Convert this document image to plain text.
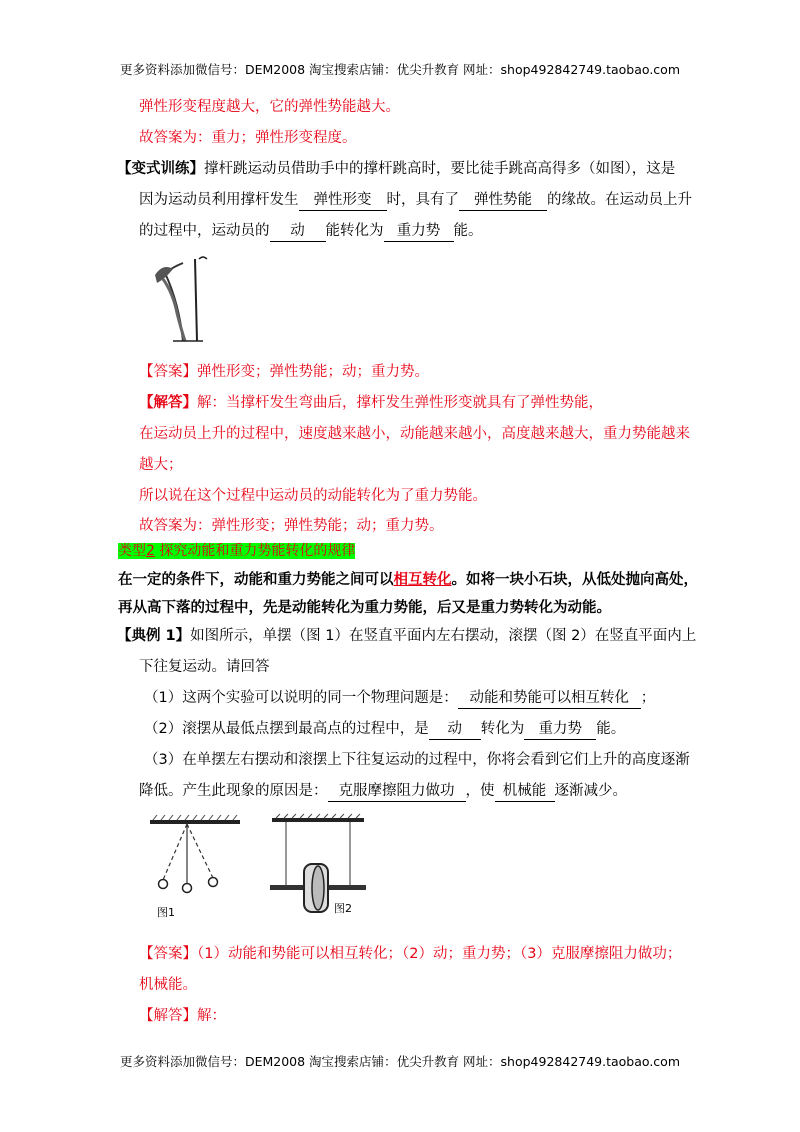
更多资料添加微信号：DEM2008 淘宝搜索店铺：优尖升教育 网址：shop492842749.taobao.com
弹性形变程度越大，它的弹性势能越大。
故答案为：重力；弹性形变程度。
【变式训练】撑杆跳运动员借助手中的撑杆跳高时，要比徒手跳高高得多（如图），这是
因为运动员利用撑杆发生 弹性形变 时，具有了 弹性势能 的缘故。在运动员上升
的过程中，运动员的 动 能转化为 重力势 能。
【答案】弹性形变；弹性势能；动；重力势。
【解答】解：当撑杆发生弯曲后，撑杆发生弹性形变就具有了弹性势能，
在运动员上升的过程中，速度越来越小，动能越来越小，高度越来越大，重力势能越来
越大；
所以说在这个过程中运动员的动能转化为了重力势能。
故答案为：弹性形变；弹性势能；动；重力势。
类型2 探究动能和重力势能转化的规律
在一定的条件下，动能和重力势能之间可以相互转化。如将一块小石块，从低处抛向高处，
再从高下落的过程中，先是动能转化为重力势能，后又是重力势转化为动能。
【典例 1】如图所示，单摆（图 1）在竖直平面内左右摆动，滚摆（图 2）在竖直平面内上
下往复运动。请回答
（1）这两个实验可以说明的同一个物理问题是： 动能和势能可以相互转化 ；
（2）滚摆从最低点摆到最高点的过程中，是 动 转化为 重力势 能。
（3）在单摆左右摆动和滚摆上下往复运动的过程中，你将会看到它们上升的高度逐渐
降低。产生此现象的原因是： 克服摩擦阻力做功 ，使 机械能 逐渐减少。
图1	图2
【答案】（1）动能和势能可以相互转化；（2）动；重力势；（3）克服摩擦阻力做功；
机械能。
【解答】解：
更多资料添加微信号：DEM2008 淘宝搜索店铺：优尖升教育 网址：shop492842749.taobao.com
